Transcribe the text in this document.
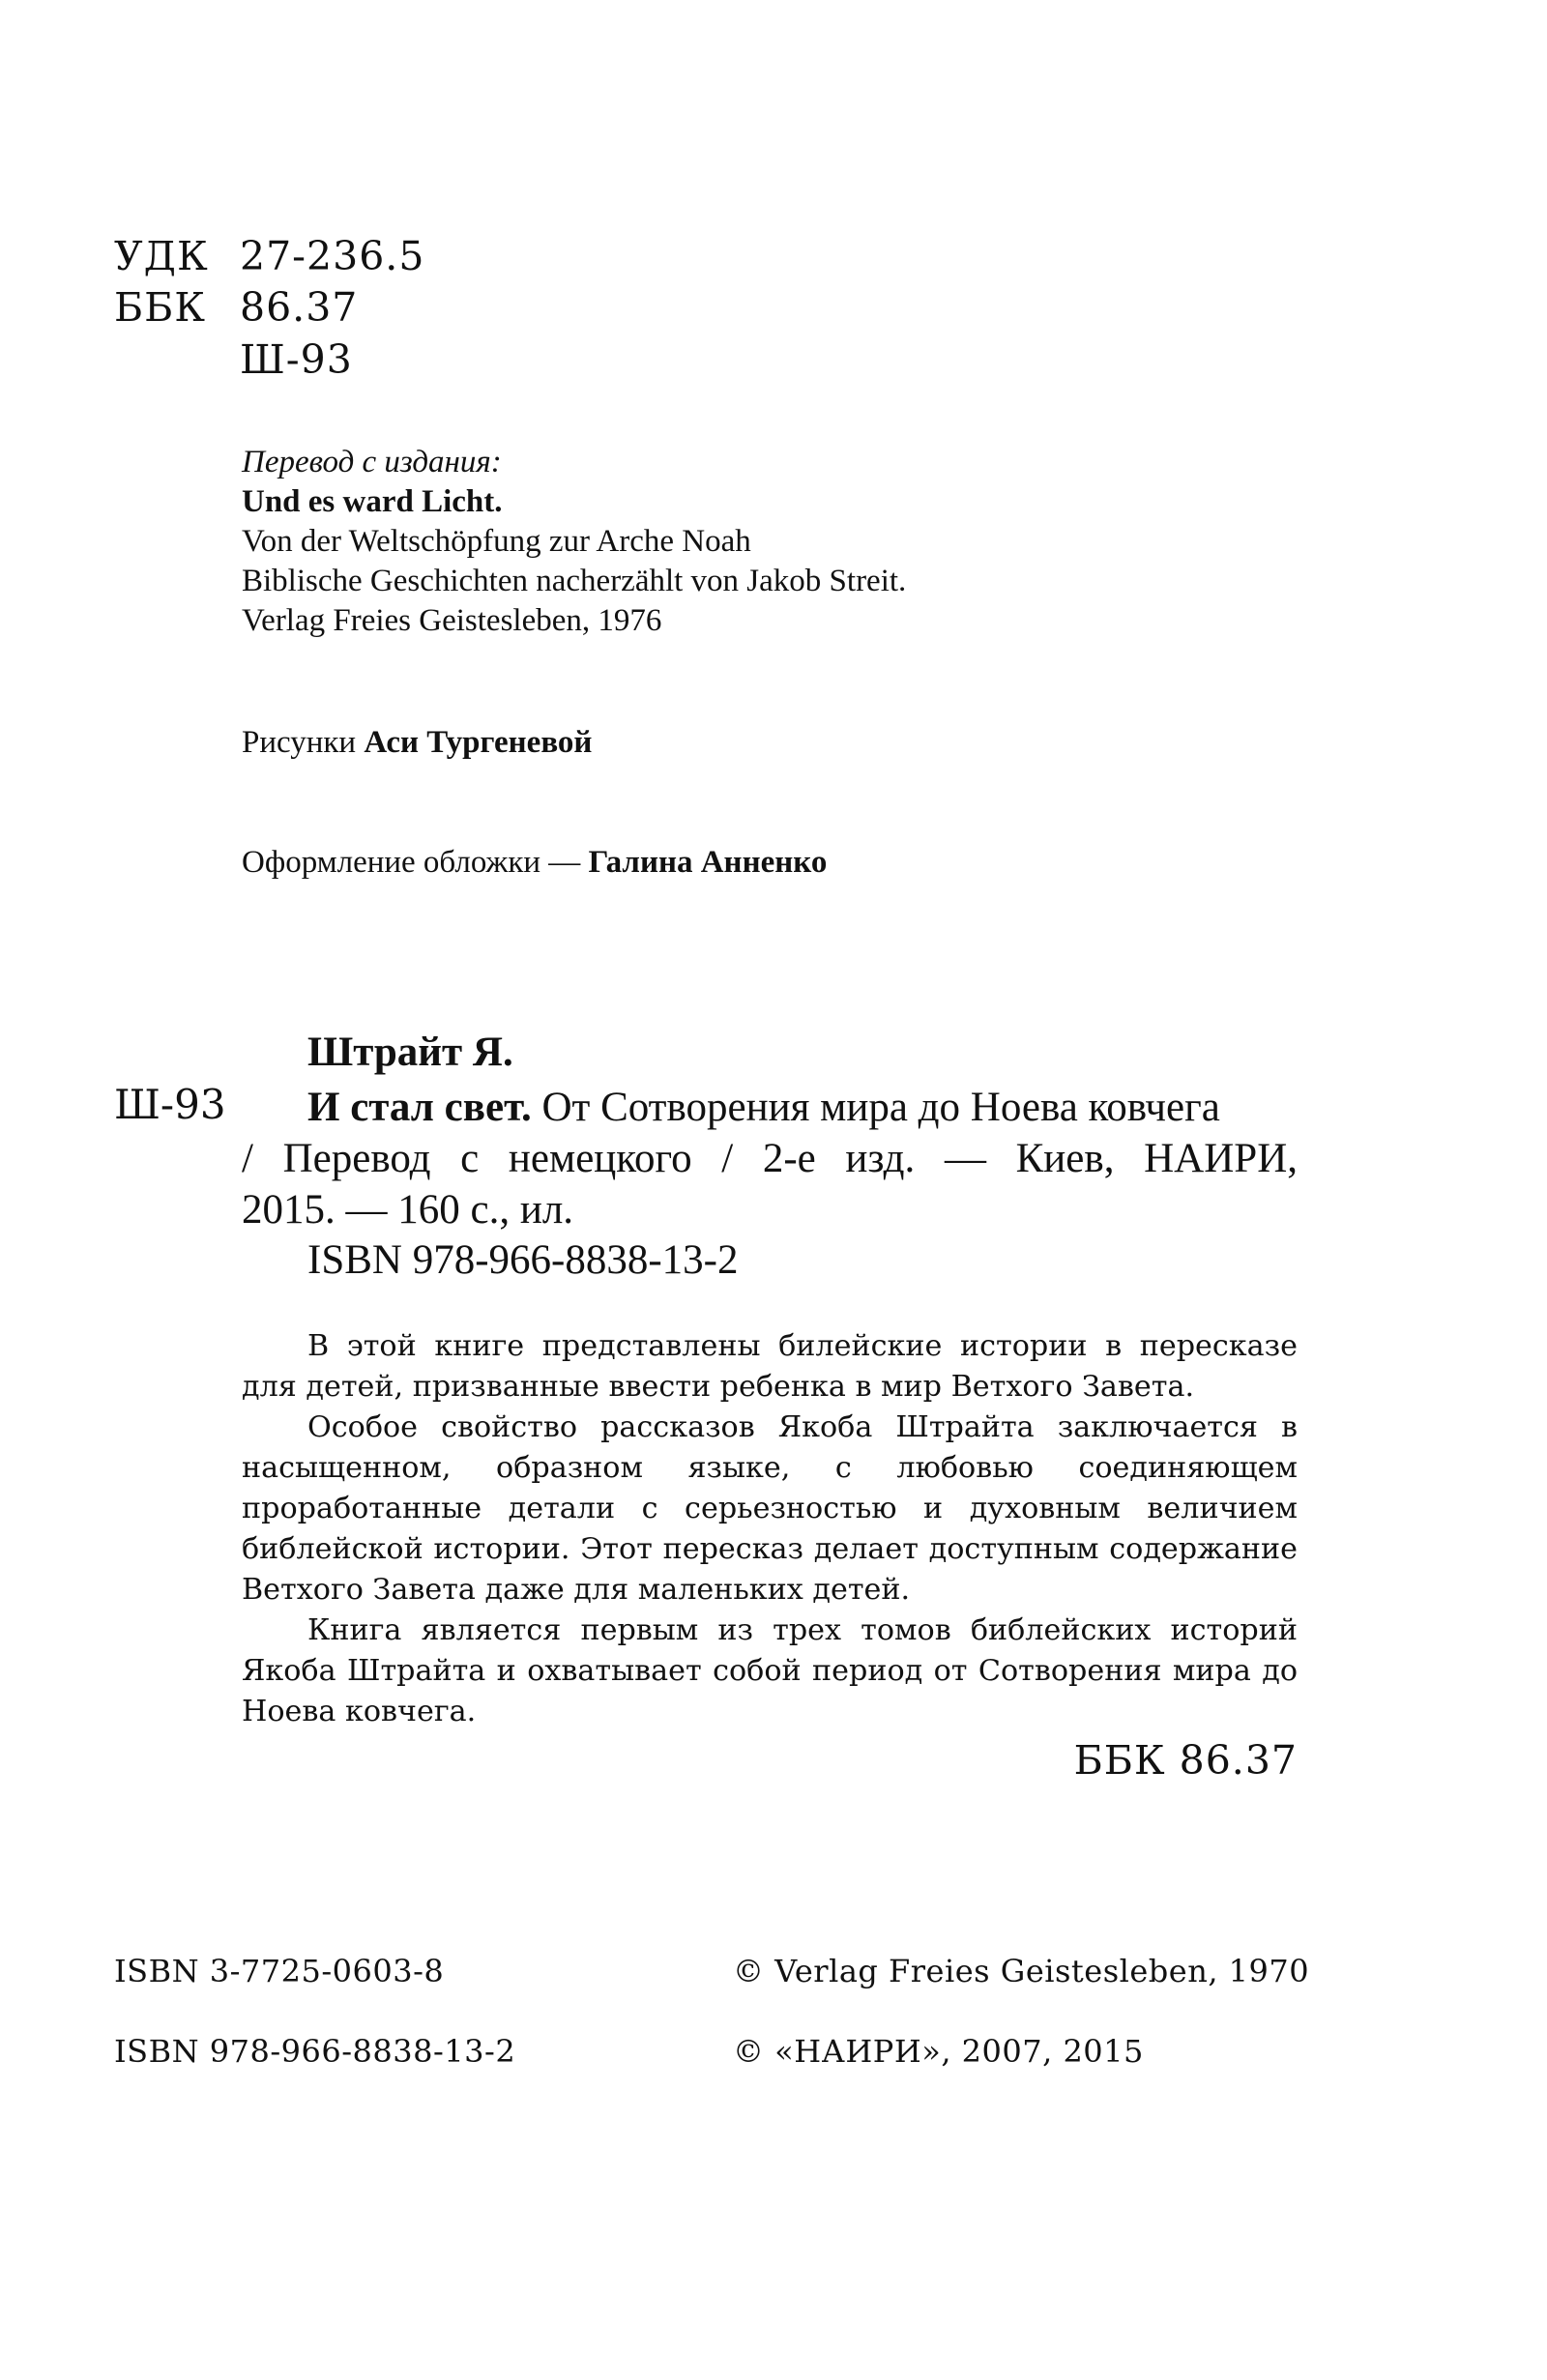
УДК 27-236.5
ББК 86.37
Ш-93
Перевод с издания:
Und es ward Licht.
Von der Weltschöpfung zur Arche Noah
Biblische Geschichten nacherzählt von Jakob Streit.
Verlag Freies Geistesleben, 1976
Рисунки Аси Тургеневой
Оформление обложки — Галина Анненко
Штрайт Я.
Ш-93 И стал свет. От Сотворения мира до Ноева ковчега
/ Перевод с немецкого / 2-е изд. — Киев, НАИРИ,
2015. — 160 с., ил.
ISBN 978-966-8838-13-2

В этой книге представлены билейские истории в пересказе для детей, призванные ввести ребенка в мир Ветхого Завета.

Особое свойство рассказов Якоба Штрайта заключается в насыщенном, образном языке, с любовью соединяющем проработанные детали с серьезностью и духовным величием библейской истории. Этот пересказ делает доступным содержание Ветхого Завета даже для маленьких детей.

Книга является первым из трех томов библейских историй Якоба Штрайта и охватывает собой период от Сотворения мира до Ноева ковчега.

ББК 86.37
ISBN 3-7725-0603-8	© Verlag Freies Geistesleben, 1970
ISBN 978-966-8838-13-2	© «НАИРИ», 2007, 2015
